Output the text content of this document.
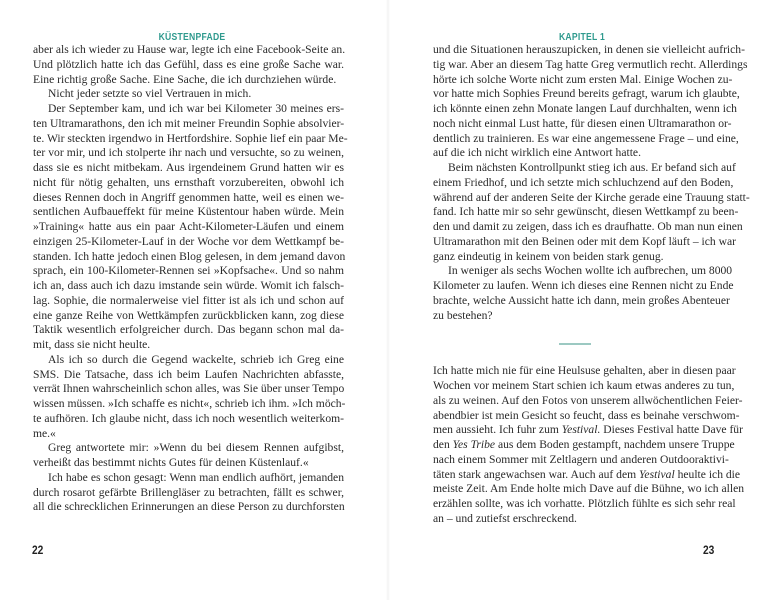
KÜSTENPFADE
aber als ich wieder zu Hause war, legte ich eine Facebook-Seite an.
Und plötzlich hatte ich das Gefühl, dass es eine große Sache war.
Eine richtig große Sache. Eine Sache, die ich durchziehen würde.
Nicht jeder setzte so viel Vertrauen in mich.
Der September kam, und ich war bei Kilometer 30 meines ers-
ten Ultramarathons, den ich mit meiner Freundin Sophie absolvier-
te. Wir steckten irgendwo in Hertfordshire. Sophie lief ein paar Me-
ter vor mir, und ich stolperte ihr nach und versuchte, so zu weinen,
dass sie es nicht mitbekam. Aus irgendeinem Grund hatten wir es
nicht für nötig gehalten, uns ernsthaft vorzubereiten, obwohl ich
dieses Rennen doch in Angriff genommen hatte, weil es einen we-
sentlichen Aufbaueffekt für meine Küstentour haben würde. Mein
»Training« hatte aus ein paar Acht-Kilometer-Läufen und einem
einzigen 25-Kilometer-Lauf in der Woche vor dem Wettkampf be-
standen. Ich hatte jedoch einen Blog gelesen, in dem jemand davon
sprach, ein 100-Kilometer-Rennen sei »Kopfsache«. Und so nahm
ich an, dass auch ich dazu imstande sein würde. Womit ich falsch-
lag. Sophie, die normalerweise viel fitter ist als ich und schon auf
eine ganze Reihe von Wettkämpfen zurückblicken kann, zog diese
Taktik wesentlich erfolgreicher durch. Das begann schon mal da-
mit, dass sie nicht heulte.
Als ich so durch die Gegend wackelte, schrieb ich Greg eine
SMS. Die Tatsache, dass ich beim Laufen Nachrichten abfasste,
verrät Ihnen wahrscheinlich schon alles, was Sie über unser Tempo
wissen müssen. »Ich schaffe es nicht«, schrieb ich ihm. »Ich möch-
te aufhören. Ich glaube nicht, dass ich noch wesentlich weiterkom-
me.«
Greg antwortete mir: »Wenn du bei diesem Rennen aufgibst,
verheißt das bestimmt nichts Gutes für deinen Küstenlauf.«
Ich habe es schon gesagt: Wenn man endlich aufhört, jemanden
durch rosarot gefärbte Brillengläser zu betrachten, fällt es schwer,
all die schrecklichen Erinnerungen an diese Person zu durchforsten
22
KAPITEL 1
und die Situationen herauszupicken, in denen sie vielleicht aufrich-
tig war. Aber an diesem Tag hatte Greg vermutlich recht. Allerdings
hörte ich solche Worte nicht zum ersten Mal. Einige Wochen zu-
vor hatte mich Sophies Freund bereits gefragt, warum ich glaubte,
ich könnte einen zehn Monate langen Lauf durchhalten, wenn ich
noch nicht einmal Lust hatte, für diesen einen Ultramarathon or-
dentlich zu trainieren. Es war eine angemessene Frage – und eine,
auf die ich nicht wirklich eine Antwort hatte.
Beim nächsten Kontrollpunkt stieg ich aus. Er befand sich auf
einem Friedhof, und ich setzte mich schluchzend auf den Boden,
während auf der anderen Seite der Kirche gerade eine Trauung statt-
fand. Ich hatte mir so sehr gewünscht, diesen Wettkampf zu been-
den und damit zu zeigen, dass ich es draufhatte. Ob man nun einen
Ultramarathon mit den Beinen oder mit dem Kopf läuft – ich war
ganz eindeutig in keinem von beiden stark genug.
In weniger als sechs Wochen wollte ich aufbrechen, um 8000
Kilometer zu laufen. Wenn ich dieses eine Rennen nicht zu Ende
brachte, welche Aussicht hatte ich dann, mein großes Abenteuer
zu bestehen?
Ich hatte mich nie für eine Heulsuse gehalten, aber in diesen paar
Wochen vor meinem Start schien ich kaum etwas anderes zu tun,
als zu weinen. Auf den Fotos von unserem allwöchentlichen Feier-
abendbier ist mein Gesicht so feucht, dass es beinahe verschwom-
men aussieht. Ich fuhr zum Yestival. Dieses Festival hatte Dave für
den Yes Tribe aus dem Boden gestampft, nachdem unsere Truppe
nach einem Sommer mit Zeltlagern und anderen Outdooraktivi-
täten stark angewachsen war. Auch auf dem Yestival heulte ich die
meiste Zeit. Am Ende holte mich Dave auf die Bühne, wo ich allen
erzählen sollte, was ich vorhatte. Plötzlich fühlte es sich sehr real
an – und zutiefst erschreckend.
23
